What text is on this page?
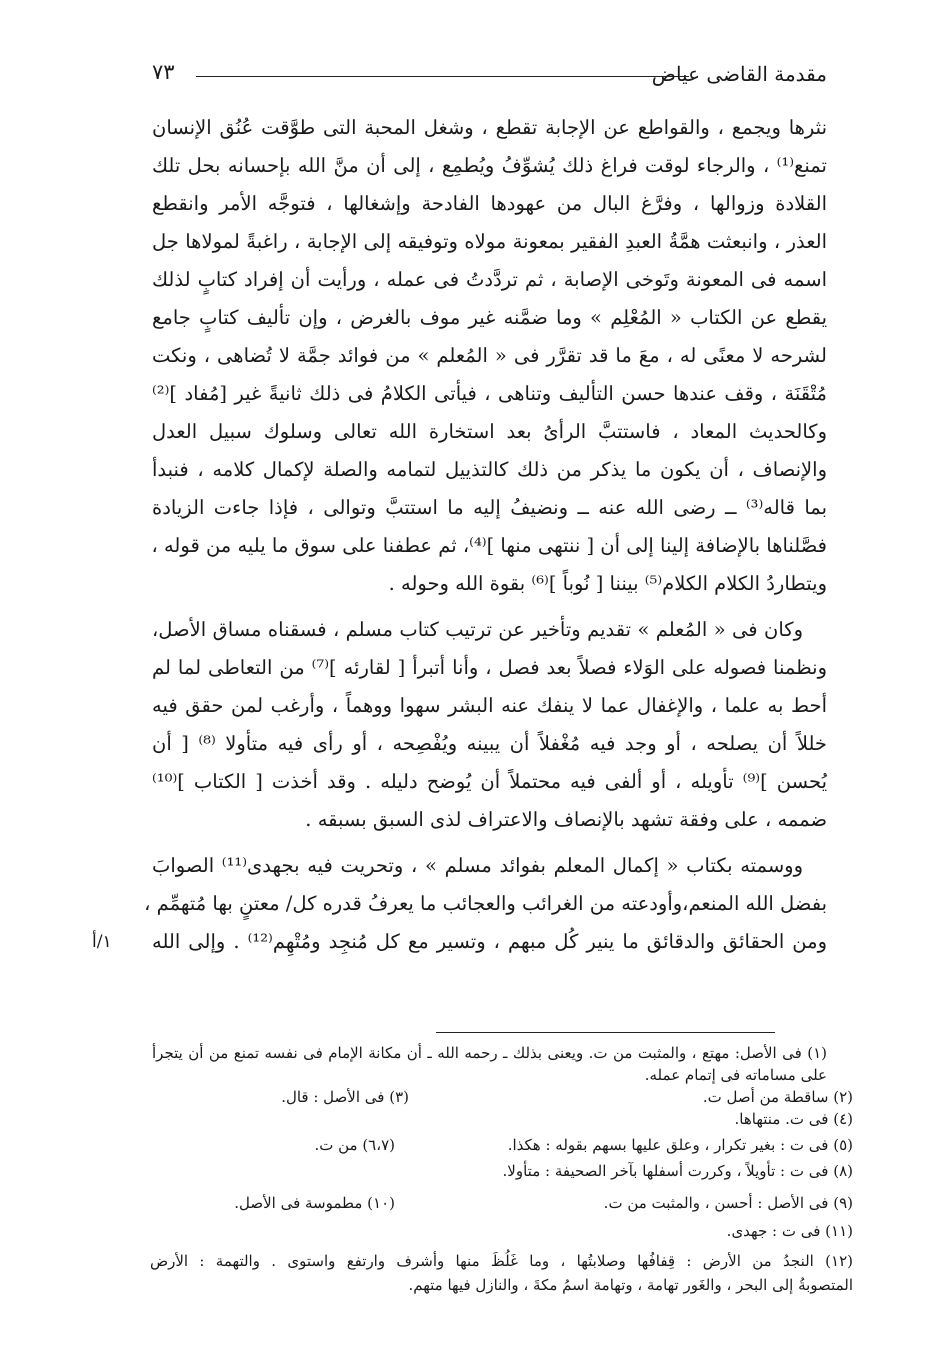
مقدمة القاضى عياض
٧٣
نثرها ويجمع ، والقواطع عن الإجابة تقطع ، وشغل المحبة التى طوَّقت عُنُق الإنسان
تمنع⁽¹⁾ ، والرجاء لوقت فراغ ذلك يُشوِّفُ ويُطمِع ، إلى أن منَّ الله بإحسانه بحل تلك
القلادة وزوالها ، وفرَّغ البال من عهودها الفادحة وإشغالها ، فتوجَّه الأمر وانقطع
العذر ، وانبعثت همَّةُ العبدِ الفقير بمعونة مولاه وتوفيقه إلى الإجابة ، راغبةً لمولاها جل
اسمه فى المعونة وتَوخى الإصابة ، ثم تردَّدتُ فى عمله ، ورأيت أن إفراد كتابٍ لذلك
يقطع عن الكتاب « المُعْلِم » وما ضمَّنه غير موف بالغرض ، وإن تأليف كتابٍ جامع
لشرحه لا معنًى له ، معَ ما قد تقرَّر فى « المُعلم » من فوائد جمَّة لا تُضاهى ، ونكت
مُتْقَنَة ، وقف عندها حسن التأليف وتناهى ، فيأتى الكلامُ فى ذلك ثانيةً غير [مُفاد ]⁽²⁾
وكالحديث المعاد ، فاستتبَّ الرأىُ بعد استخارة الله تعالى وسلوك سبيل العدل
والإنصاف ، أن يكون ما يذكر من ذلك كالتذييل لتمامه والصلة لإكمال كلامه ، فنبدأ
بما قاله⁽³⁾ ــ رضى الله عنه ــ ونضيفُ إليه ما استتبَّ وتوالى ، فإذا جاءت الزيادة
فصَّلناها بالإضافة إلينا إلى أن [ ننتهى منها ]⁽⁴⁾، ثم عطفنا على سوق ما يليه من قوله ،
ويتطاردُ الكلام الكلام⁽⁵⁾ بيننا [ نُوباً ]⁽⁶⁾ بقوة الله وحوله .
وكان فى « المُعلم » تقديم وتأخير عن ترتيب كتاب مسلم ، فسقناه مساق الأصل،
ونظمنا فصوله على الوَلاء فصلاً بعد فصل ، وأنا أتبرأ [ لقارئه ]⁽⁷⁾ من التعاطى لما لم
أحط به علما ، والإغفال عما لا ينفك عنه البشر سهوا ووهماً ، وأرغب لمن حقق فيه
خللاً أن يصلحه ، أو وجد فيه مُغْفلاً أن يبينه ويُفْصِحه ، أو رأى فيه متأولا ⁽⁸⁾ [ أن
يُحسن ]⁽⁹⁾ تأويله ، أو ألفى فيه محتملاً أن يُوضح دليله . وقد أخذت [ الكتاب ]⁽¹⁰⁾
ضممه ، على وفقة تشهد بالإنصاف والاعتراف لذى السبق بسبقه .
ووسمته بكتاب « إكمال المعلم بفوائد مسلم » ، وتحريت فيه بجهدى⁽¹¹⁾ الصوابَ
بفضل الله المنعم،وأودعته من الغرائب والعجائب ما يعرفُ قدره كل/ معتنٍ بها مُتهمِّم ،
ومن الحقائق والدقائق ما ينير كُل مبهم ، وتسير مع كل مُنجِد ومُتْهِم⁽¹²⁾ . وإلى الله
١/أ
(١) فى الأصل: مهتع ، والمثبت من ت. ويعنى بذلك ـ رحمه الله ـ أن مكانة الإمام فى نفسه تمنع من أن يتجرأ
على مساماته فى إتمام عمله.
(٢) ساقطة من أصل ت.
(٣) فى الأصل : قال.
(٤) فى ت. منتهاها.
(٥) فى ت : بغير تكرار ، وعلق عليها بسهم بقوله : هكذا.
(٦،٧) من ت.
(٨) فى ت : تأويلاً ، وكررت أسفلها بآخر الصحيفة : متأولا.
(٩) فى الأصل : أحسن ، والمثبت من ت.
(١٠) مطموسة فى الأصل.
(١١) فى ت : جهدى.
(١٢) النجدُ من الأرض : قِفافُها وصلابتُها ، وما غَلُظَ منها وأشرف وارتفع واستوى . والتهمة : الأرض
المتصوبةُ إلى البحر ، والغَور تهامة ، وتهامة اسمُ مكةَ ، والنازل فيها متهم.
